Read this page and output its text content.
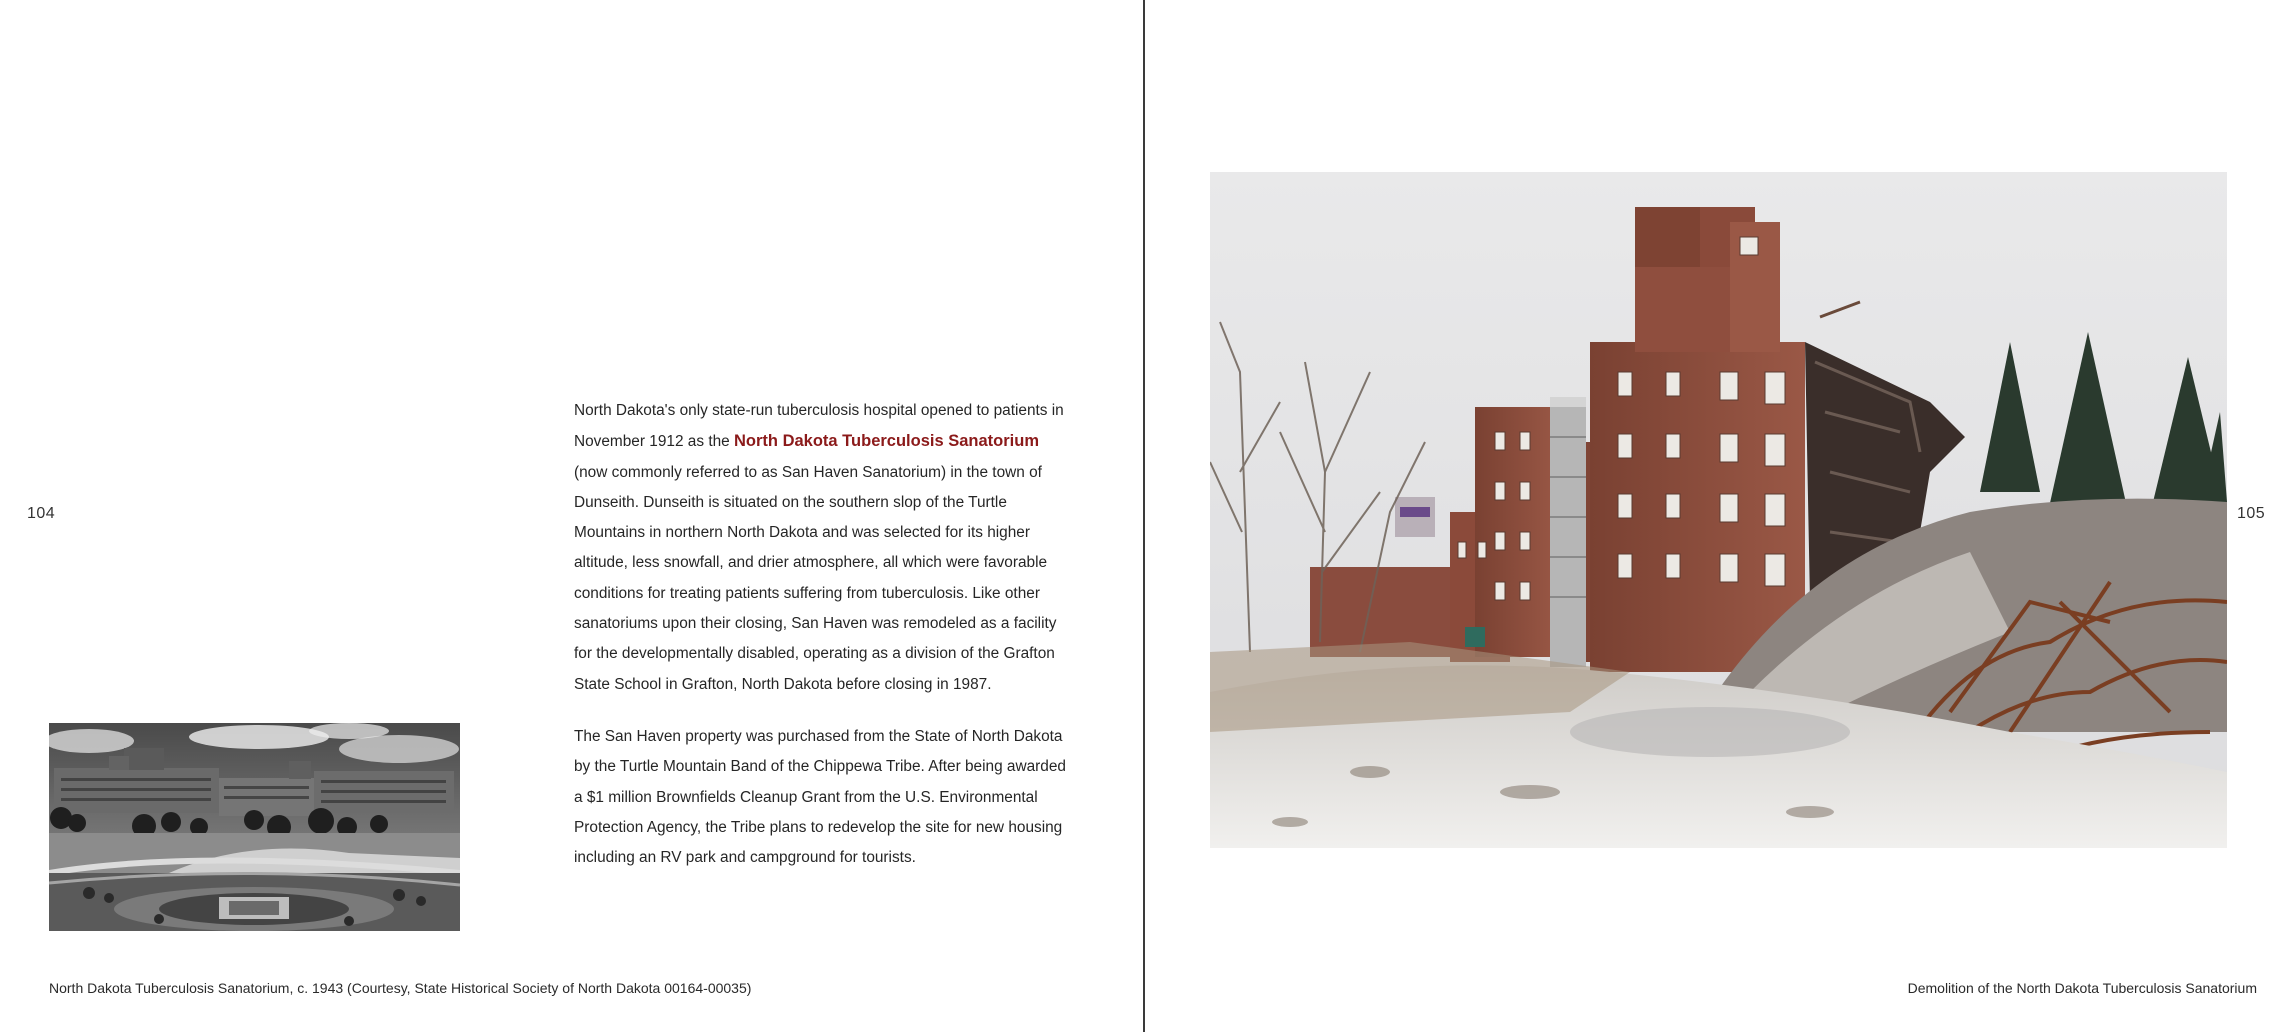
104

North Dakota's only state-run tuberculosis hospital opened to patients in November 1912 as the North Dakota Tuberculosis Sanatorium (now commonly referred to as San Haven Sanatorium) in the town of Dunseith. Dunseith is situated on the southern slop of the Turtle Mountains in northern North Dakota and was selected for its higher altitude, less snowfall, and drier atmosphere, all which were favorable conditions for treating patients suffering from tuberculosis. Like other sanatoriums upon their closing, San Haven was remodeled as a facility for the developmentally disabled, operating as a division of the Grafton State School in Grafton, North Dakota before closing in 1987.

The San Haven property was purchased from the State of North Dakota by the Turtle Mountain Band of the Chippewa Tribe. After being awarded a $1 million Brownfields Cleanup Grant from the U.S. Environmental Protection Agency, the Tribe plans to redevelop the site for new housing including an RV park and campground for tourists.

North Dakota Tuberculosis Sanatorium, c. 1943 (Courtesy, State Historical Society of North Dakota 00164-00035)
105
Demolition of the North Dakota Tuberculosis Sanatorium
